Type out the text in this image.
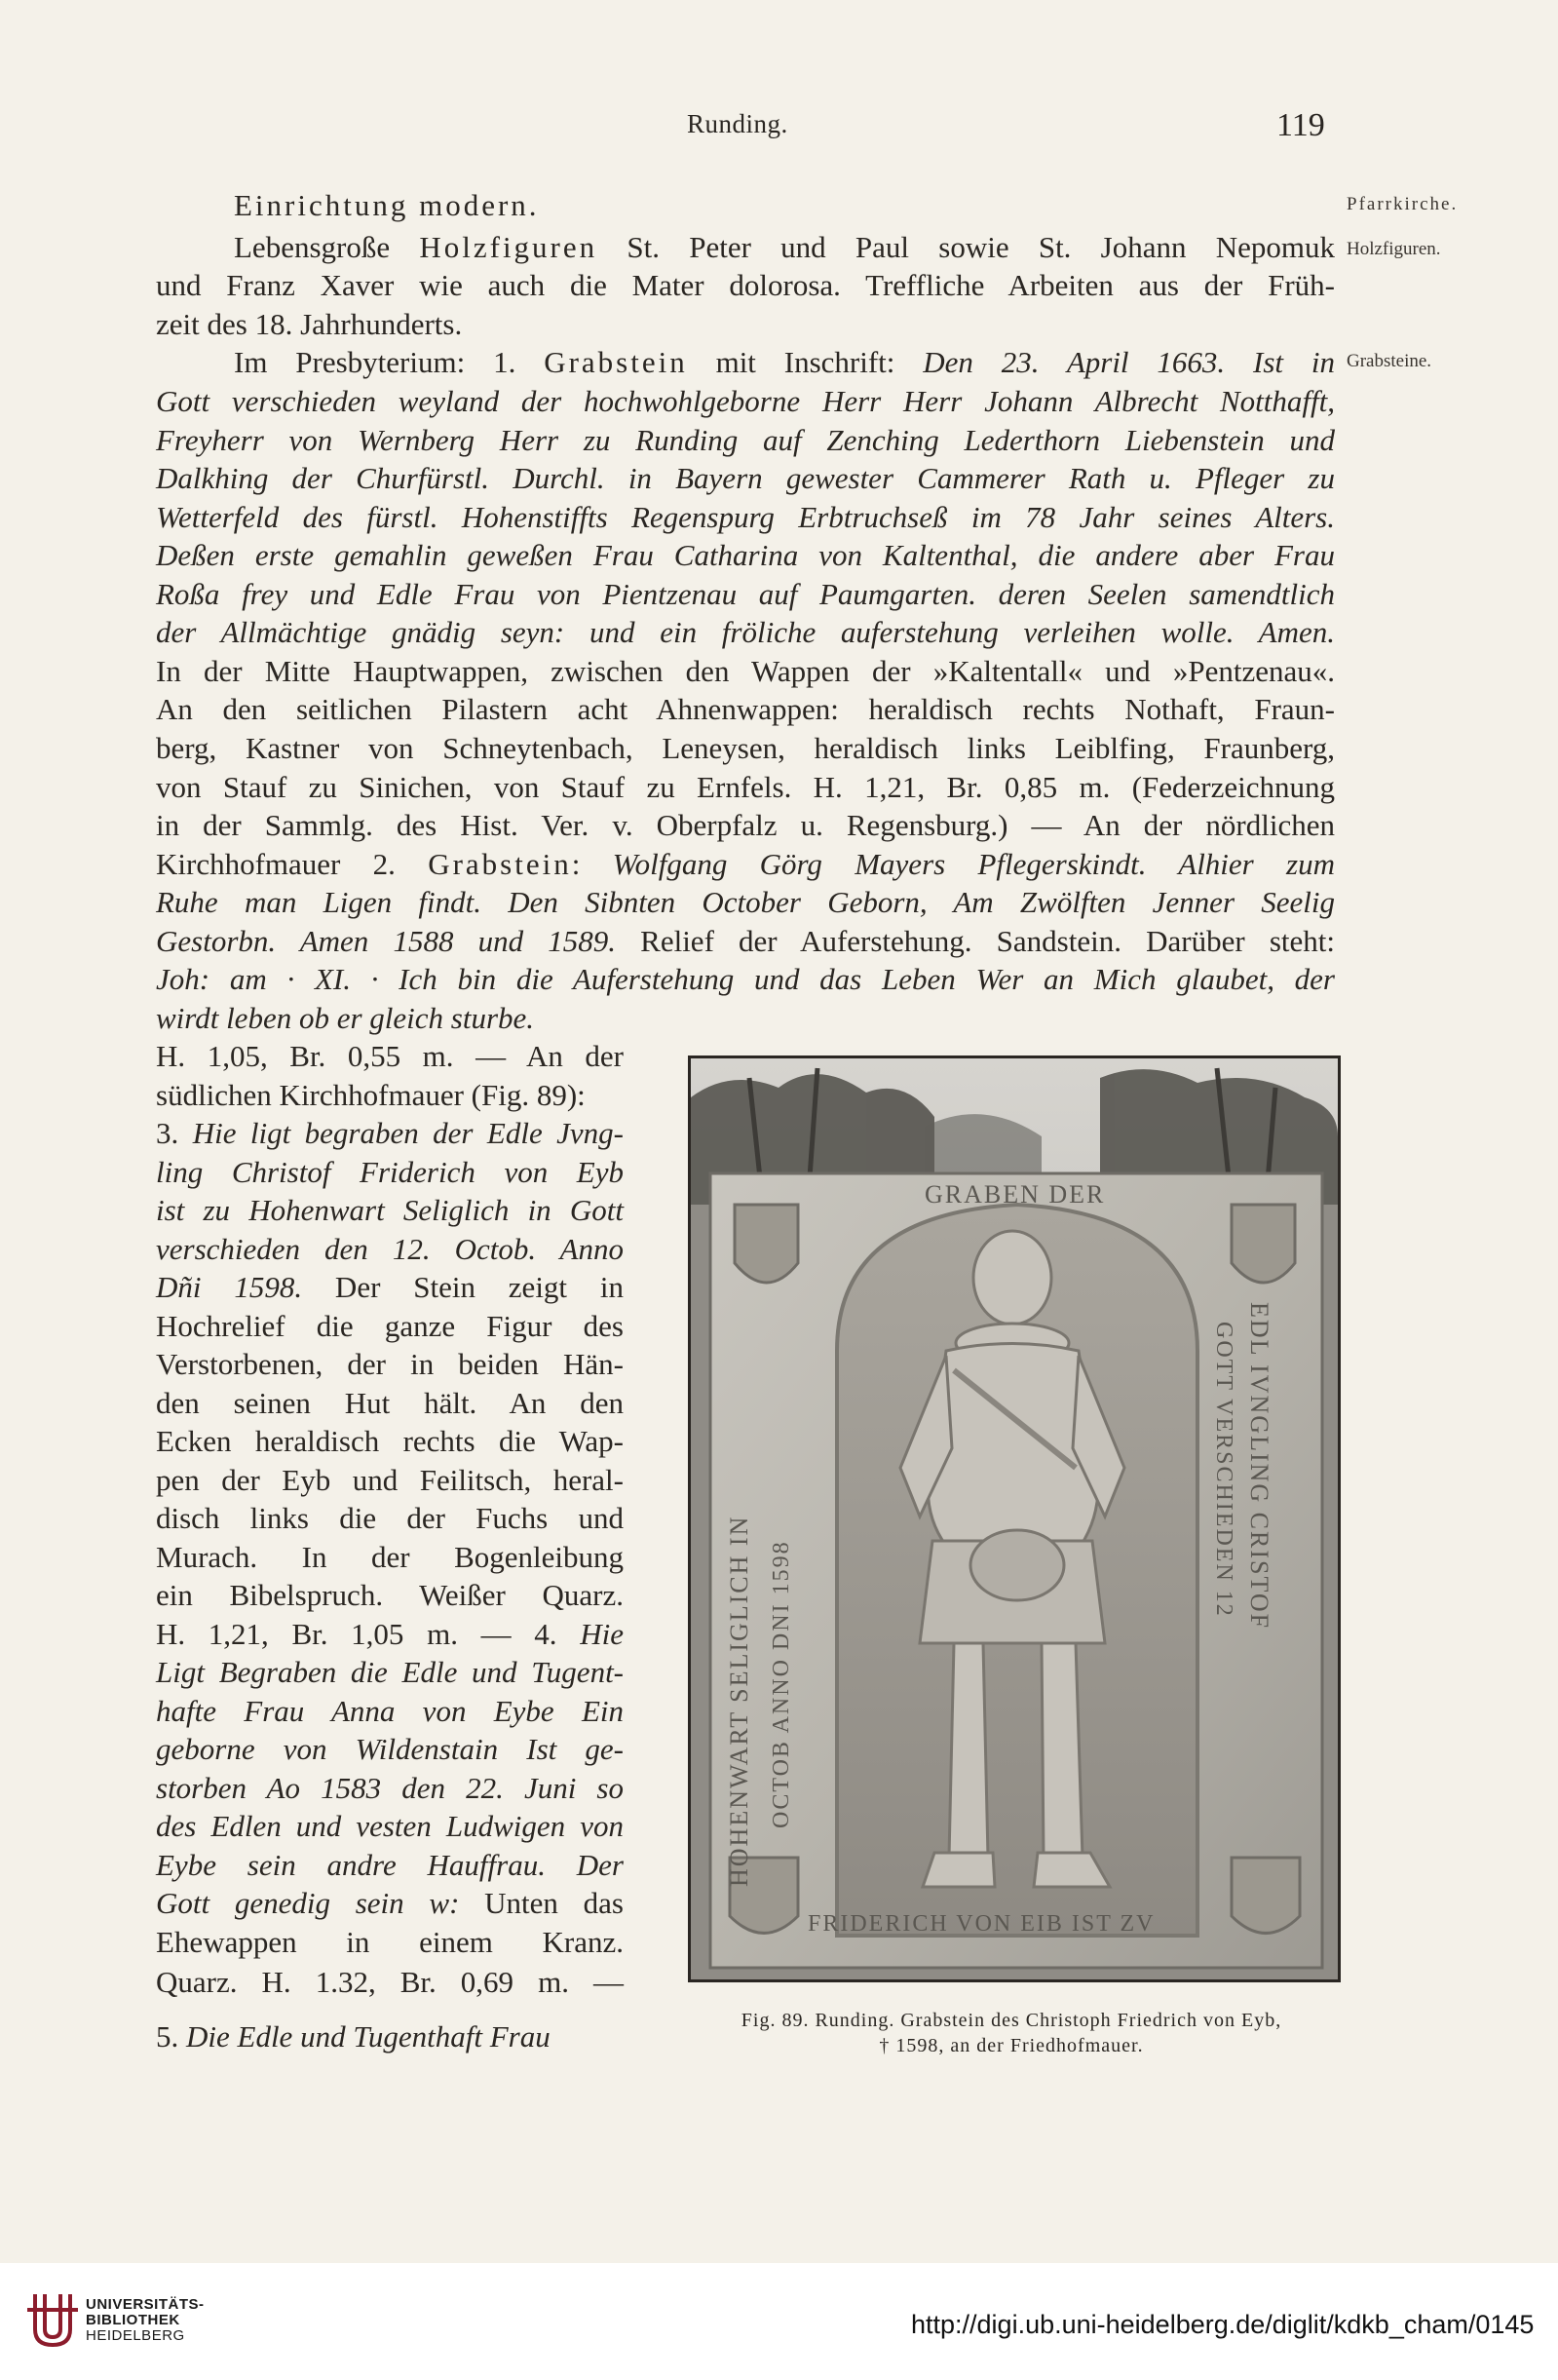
Runding.	119
Pfarrkirche.
Holzfiguren.
Grabsteine.
Einrichtung modern.
Lebensgroße Holzfiguren St. Peter und Paul sowie St. Johann Nepomuk
und Franz Xaver wie auch die Mater dolorosa. Treffliche Arbeiten aus der Früh-
zeit des 18. Jahrhunderts.
Im Presbyterium: 1. Grabstein mit Inschrift: Den 23. April 1663. Ist in
Gott verschieden weyland der hochwohlgeborne Herr Herr Johann Albrecht Notthafft,
Freyherr von Wernberg Herr zu Runding auf Zenching Lederthorn Liebenstein und
Dalkhing der Churfürstl. Durchl. in Bayern gewester Cammerer Rath u. Pfleger zu
Wetterfeld des fürstl. Hohenstiffts Regenspurg Erbtruchseß im 78 Jahr seines Alters.
Deßen erste gemahlin geweßen Frau Catharina von Kaltenthal, die andere aber Frau
Roßa frey und Edle Frau von Pientzenau auf Paumgarten. deren Seelen samendtlich
der Allmächtige gnädig seyn: und ein fröliche auferstehung verleihen wolle. Amen.
In der Mitte Hauptwappen, zwischen den Wappen der »Kaltentall« und »Pentzenau«.
An den seitlichen Pilastern acht Ahnenwappen: heraldisch rechts Nothaft, Fraun-
berg, Kastner von Schneytenbach, Leneysen, heraldisch links Leiblfing, Fraunberg,
von Stauf zu Sinichen, von Stauf zu Ernfels. H. 1,21, Br. 0,85 m. (Federzeichnung
in der Sammlg. des Hist. Ver. v. Oberpfalz u. Regensburg.) — An der nördlichen
Kirchhofmauer 2. Grabstein: Wolfgang Görg Mayers Pflegerskindt. Alhier zum
Ruhe man Ligen findt. Den Sibnten October Geborn, Am Zwölften Jenner Seelig
Gestorbn. Amen 1588 und 1589. Relief der Auferstehung. Sandstein. Darüber steht:
Joh: am · XI. · Ich bin die Auferstehung und das Leben Wer an Mich glaubet, der
wirdt leben ob er gleich sturbe.
H. 1,05, Br. 0,55 m. — An der
südlichen Kirchhofmauer (Fig. 89):
3. Hie ligt begraben der Edle Jvng-
ling Christof Friderich von Eyb
ist zu Hohenwart Seliglich in Gott
verschieden den 12. Octob. Anno
Dñi 1598. Der Stein zeigt in
Hochrelief die ganze Figur des
Verstorbenen, der in beiden Hän-
den seinen Hut hält. An den
Ecken heraldisch rechts die Wap-
pen der Eyb und Feilitsch, heral-
disch links die der Fuchs und
Murach. In der Bogenleibung
ein Bibelspruch. Weißer Quarz.
H. 1,21, Br. 1,05 m. — 4. Hie
Ligt Begraben die Edle und Tugent-
hafte Frau Anna von Eybe Ein
geborne von Wildenstain Ist ge-
storben Ao 1583 den 22. Juni so
des Edlen und vesten Ludwigen von
Eybe sein andre Hauffrau. Der
Gott genedig sein w: Unten das
Ehewappen in einem Kranz.
Quarz. H. 1.32, Br. 0,69 m. —
5. Die Edle und Tugenthaft Frau
GRABEN DER
HOHENWART SELIGLICH IN OCTOB ANNO DNI 1598
EDL IVNGLING CRISTOF
GOTT VERSCHIEDEN 12
FRIDERICH VON EIB IST ZV
Fig. 89. Runding. Grabstein des Christoph Friedrich von Eyb,
† 1598, an der Friedhofmauer.
UNIVERSITÄTS-
BIBLIOTHEK
HEIDELBERG	http://digi.ub.uni-heidelberg.de/diglit/kdkb_cham/0145
